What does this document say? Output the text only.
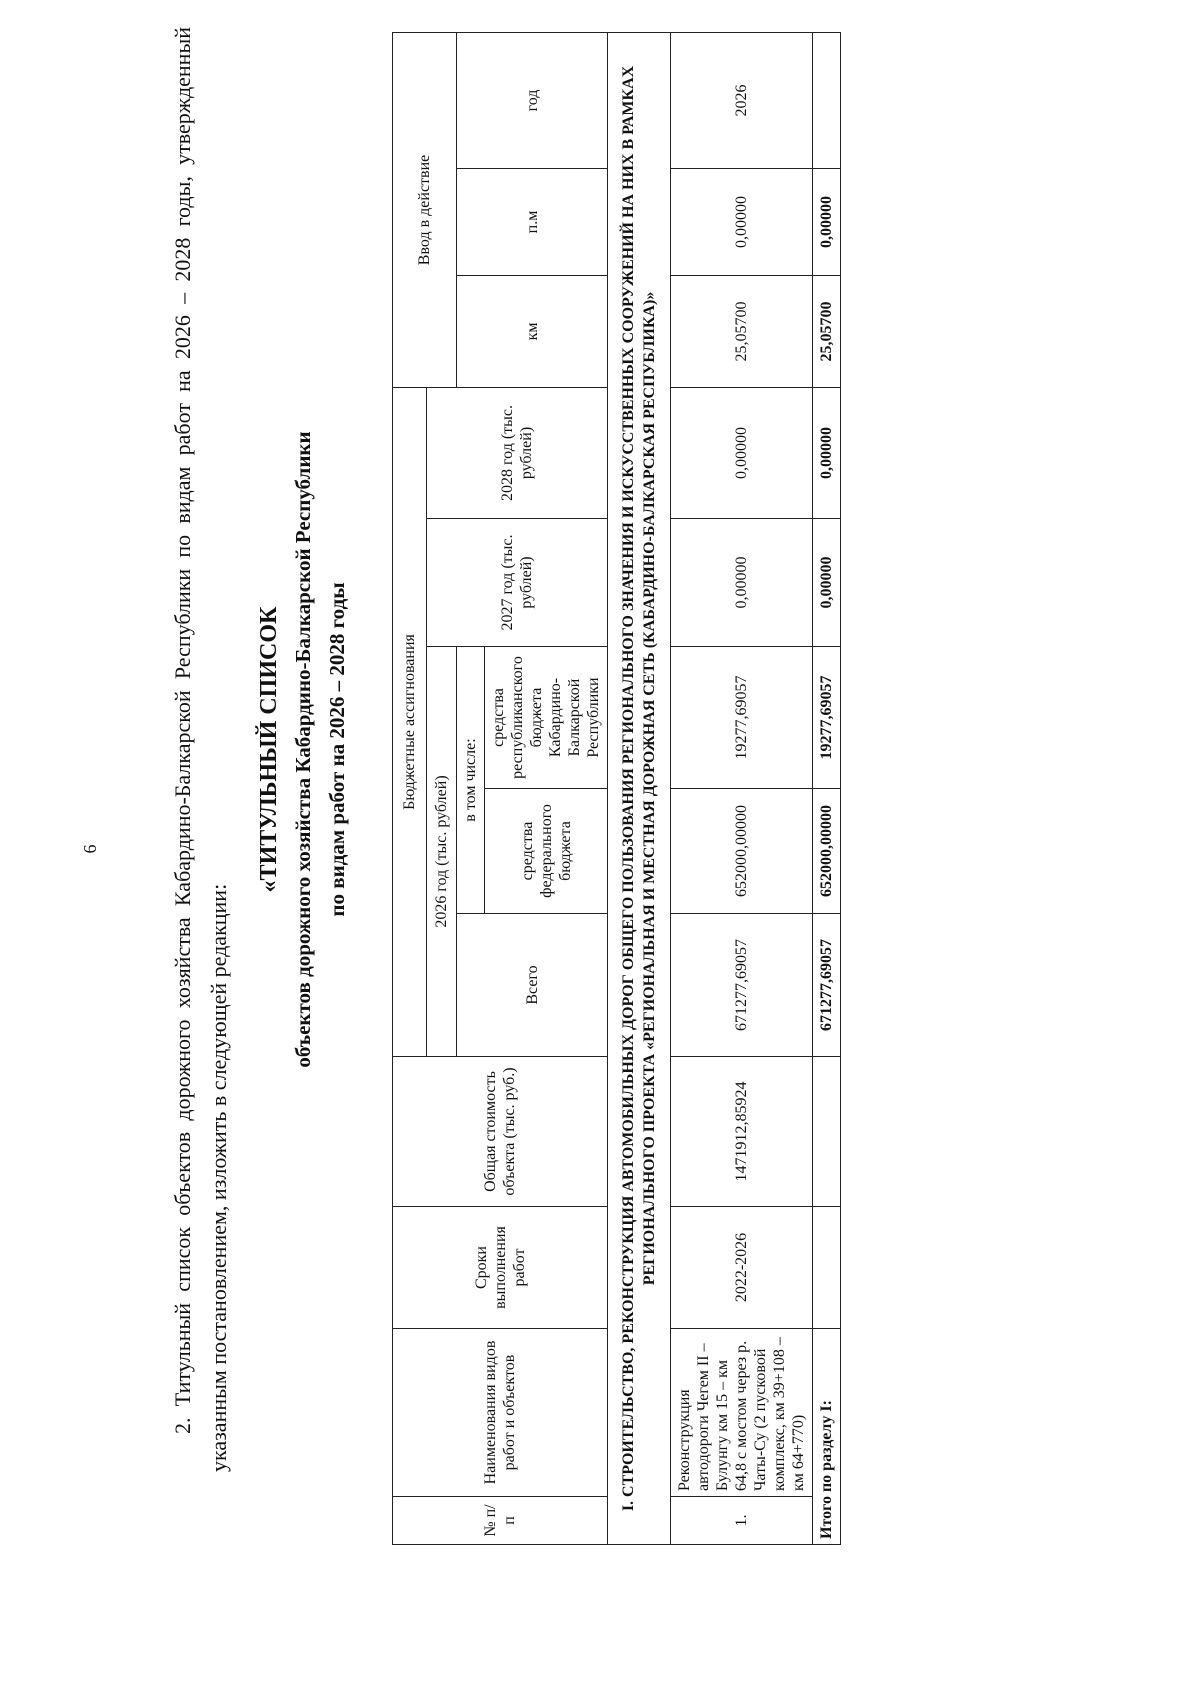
6	2. Титульный список объектов дорожного хозяйства Кабардино-Балкарской Республики по видам работ на 2026 – 2028 годы, утвержденный указанным постановлением, изложить в следующей редакции:

«ТИТУЛЬНЫЙ СПИСОК объектов дорожного хозяйства Кабардино-Балкарской Республики по видам работ на 2026 – 2028 годы
№ п/п	Наименования видов работ и объектов	Сроки выполнения работ	Общая стоимость объекта (тыс. руб.)	Бюджетные ассигнования					Ввод в действие		
				2026 год (тыс. рублей)			2027 год (тыс. рублей)	2028 год (тыс. рублей)			
				Всего	в том числе:				км	п.м	год
					средства федерального бюджета	средства республиканского бюджета Кабардино-Балкарской Республики					
I. СТРОИТЕЛЬСТВО, РЕКОНСТРУКЦИЯ АВТОМОБИЛЬНЫХ ДОРОГ ОБЩЕГО ПОЛЬЗОВАНИЯ РЕГИОНАЛЬНОГО ЗНАЧЕНИЯ И ИСКУССТВЕННЫХ СООРУЖЕНИЙ НА НИХ В РАМКАХ РЕГИОНАЛЬНОГО ПРОЕКТА «РЕГИОНАЛЬНАЯ И МЕСТНАЯ ДОРОЖНАЯ СЕТЬ (КАБАРДИНО-БАЛКАРСКАЯ РЕСПУБЛИКА)»											
1.	Реконструкция автодороги Чегем II – Булунгу км 15 – км 64,8 с мостом через р. Чаты-Су (2 пусковой комплекс, км 39+108 – км 64+770)	2022-2026	1471912,85924	671277,69057	652000,00000	19277,69057	0,00000	0,00000	25,05700	0,00000	2026
Итого по разделу I:				671277,69057	652000,00000	19277,69057	0,00000	0,00000	25,05700	0,00000	
